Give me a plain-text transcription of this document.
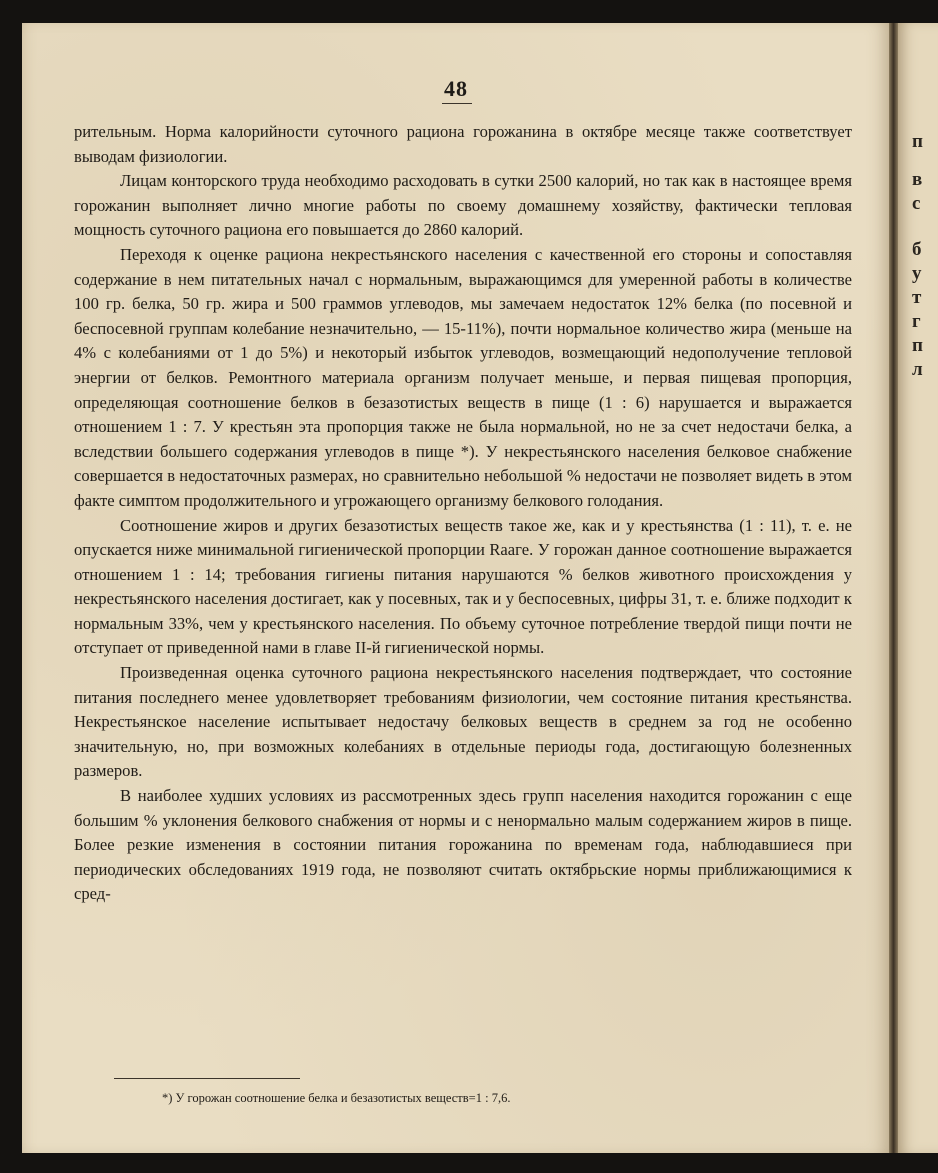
48

рительным. Норма калорийности суточного рациона горожанина в октябре месяце также соответствует выводам физиологии.

Лицам конторского труда необходимо расходовать в сутки 2500 калорий, но так как в настоящее время горожанин выполняет лично многие работы по своему домашнему хозяйству, фактически тепловая мощность суточного рациона его повышается до 2860 калорий.

Переходя к оценке рациона некрестьянского населения с качественной его стороны и сопоставляя содержание в нем питательных начал с нормальным, выражающимся для умеренной работы в количестве 100 гр. белка, 50 гр. жира и 500 граммов углеводов, мы замечаем недостаток 12% белка (по посевной и беспосевной группам колебание незначительно, — 15-11%), почти нормальное количество жира (меньше на 4% с колебаниями от 1 до 5%) и некоторый избыток углеводов, возмещающий недополучение тепловой энергии от белков. Ремонтного материала организм получает меньше, и первая пищевая пропорция, определяющая соотношение белков в безазотистых веществ в пище (1 : 6) нарушается и выражается отношением 1 : 7. У крестьян эта пропорция также не была нормальной, но не за счет недостачи белка, а вследствии большего содержания углеводов в пище *). У некрестьянского населения белковое снабжение совершается в недостаточных размерах, но сравнительно небольшой % недостачи не позволяет видеть в этом факте симптом продолжительного и угрожающего организму белкового голодания.

Соотношение жиров и других безазотистых веществ такое же, как и у крестьянства (1 : 11), т. е. не опускается ниже минимальной гигиенической пропорции Rааге. У горожан данное соотношение выражается отношением 1 : 14; требования гигиены питания нарушаются % белков животного происхождения у некрестьянского населения достигает, как у посевных, так и у беспосевных, цифры 31, т. е. ближе подходит к нормальным 33%, чем у крестьянского населения. По объему суточное потребление твердой пищи почти не отступает от приведенной нами в главе II-й гигиенической нормы.

Произведенная оценка суточного рациона некрестьянского населения подтверждает, что состояние питания последнего менее удовлетворяет требованиям физиологии, чем состояние питания крестьянства. Некрестьянское население испытывает недостачу белковых веществ в среднем за год не особенно значительную, но, при возможных колебаниях в отдельные периоды года, достигающую болезненных размеров.

В наиболее худших условиях из рассмотренных здесь групп населения находится горожанин с еще большим % уклонения белкового снабжения от нормы и с ненормально малым содержанием жиров в пище. Более резкие изменения в состоянии питания горожанина по временам года, наблюдавшиеся при периодических обследованиях 1919 года, не позволяют считать октябрьские нормы приближающимися к сред-

*) У горожан соотношение белка и безазотистых веществ=1 : 7,6.
п
в
с
б
у
т
г
п
л
